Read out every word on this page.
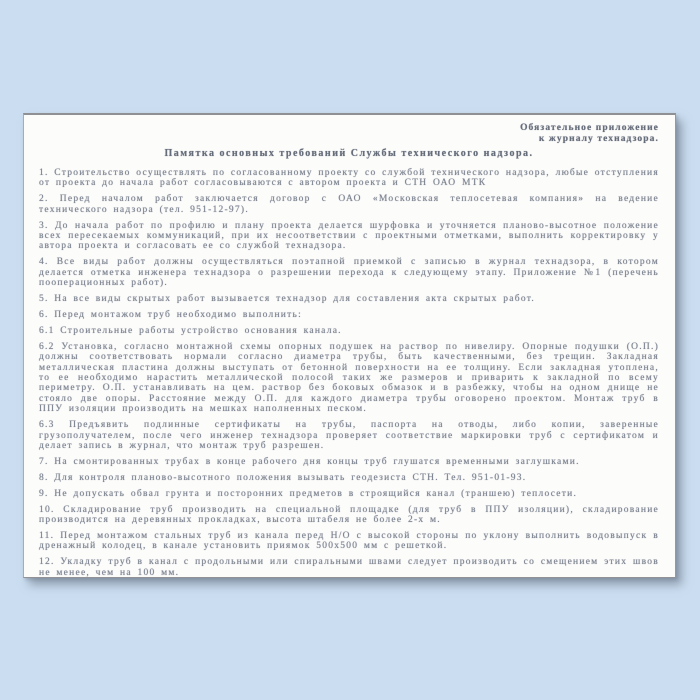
Обязательное приложение
к журналу технадзора.
Памятка основных требований Службы технического надзора.

1. Строительство осуществлять по согласованному проекту со службой технического надзора, любые отступления от проекта до начала работ согласовываются с автором проекта и СТН ОАО МТК

2. Перед началом работ заключается договор с ОАО «Московская теплосетевая компания» на ведение технического надзора (тел. 951-12-97).

3. До начала работ по профилю и плану проекта делается шурфовка и уточняется планово-высотное положение всех пересекаемых коммуникаций, при их несоответствии с проектными отметками, выполнить корректировку у автора проекта и согласовать ее со службой технадзора.

4. Все виды работ должны осуществляться поэтапной приемкой с записью в журнал технадзора, в котором делается отметка инженера технадзора о разрешении перехода к следующему этапу. Приложение №1 (перечень пооперационных работ).

5. На все виды скрытых работ вызывается технадзор для составления акта скрытых работ.

6. Перед монтажом труб необходимо выполнить:

6.1 Строительные работы устройство основания канала.

6.2 Установка, согласно монтажной схемы опорных подушек на раствор по нивелиру. Опорные подушки (О.П.) должны соответствовать нормали согласно диаметра трубы, быть качественными, без трещин. Закладная металлическая пластина должны выступать от бетонной поверхности на ее толщину. Если закладная утоплена, то ее необходимо нарастить металлической полосой таких же размеров и приварить к закладной по всему периметру. О.П. устанавливать на цем. раствор без боковых обмазок и в разбежку, чтобы на одном днище не стояло две опоры. Расстояние между О.П. для каждого диаметра трубы оговорено проектом. Монтаж труб в ППУ изоляции производить на мешках наполненных песком.

6.3 Предъявить подлинные сертификаты на трубы, паспорта на отводы, либо копии, заверенные грузополучателем, после чего инженер технадзора проверяет соответствие маркировки труб с сертификатом и делает запись в журнал, что монтаж труб разрешен.

7. На смонтированных трубах в конце рабочего дня концы труб глушатся временными заглушками.

8. Для контроля планово-высотного положения вызывать геодезиста СТН. Тел. 951-01-93.

9. Не допускать обвал грунта и посторонних предметов в строящийся канал (траншею) теплосети.

10. Складирование труб производить на специальной площадке (для труб в ППУ изоляции), складирование производится на деревянных прокладках, высота штабеля не более 2-х м.

11. Перед монтажом стальных труб из канала перед Н/О с высокой стороны по уклону выполнить водовыпуск в дренажный колодец, в канале установить приямок 500х500 мм с решеткой.

12. Укладку труб в канал с продольными или спиральными швами следует производить со смещением этих швов не менее, чем на 100 мм.
